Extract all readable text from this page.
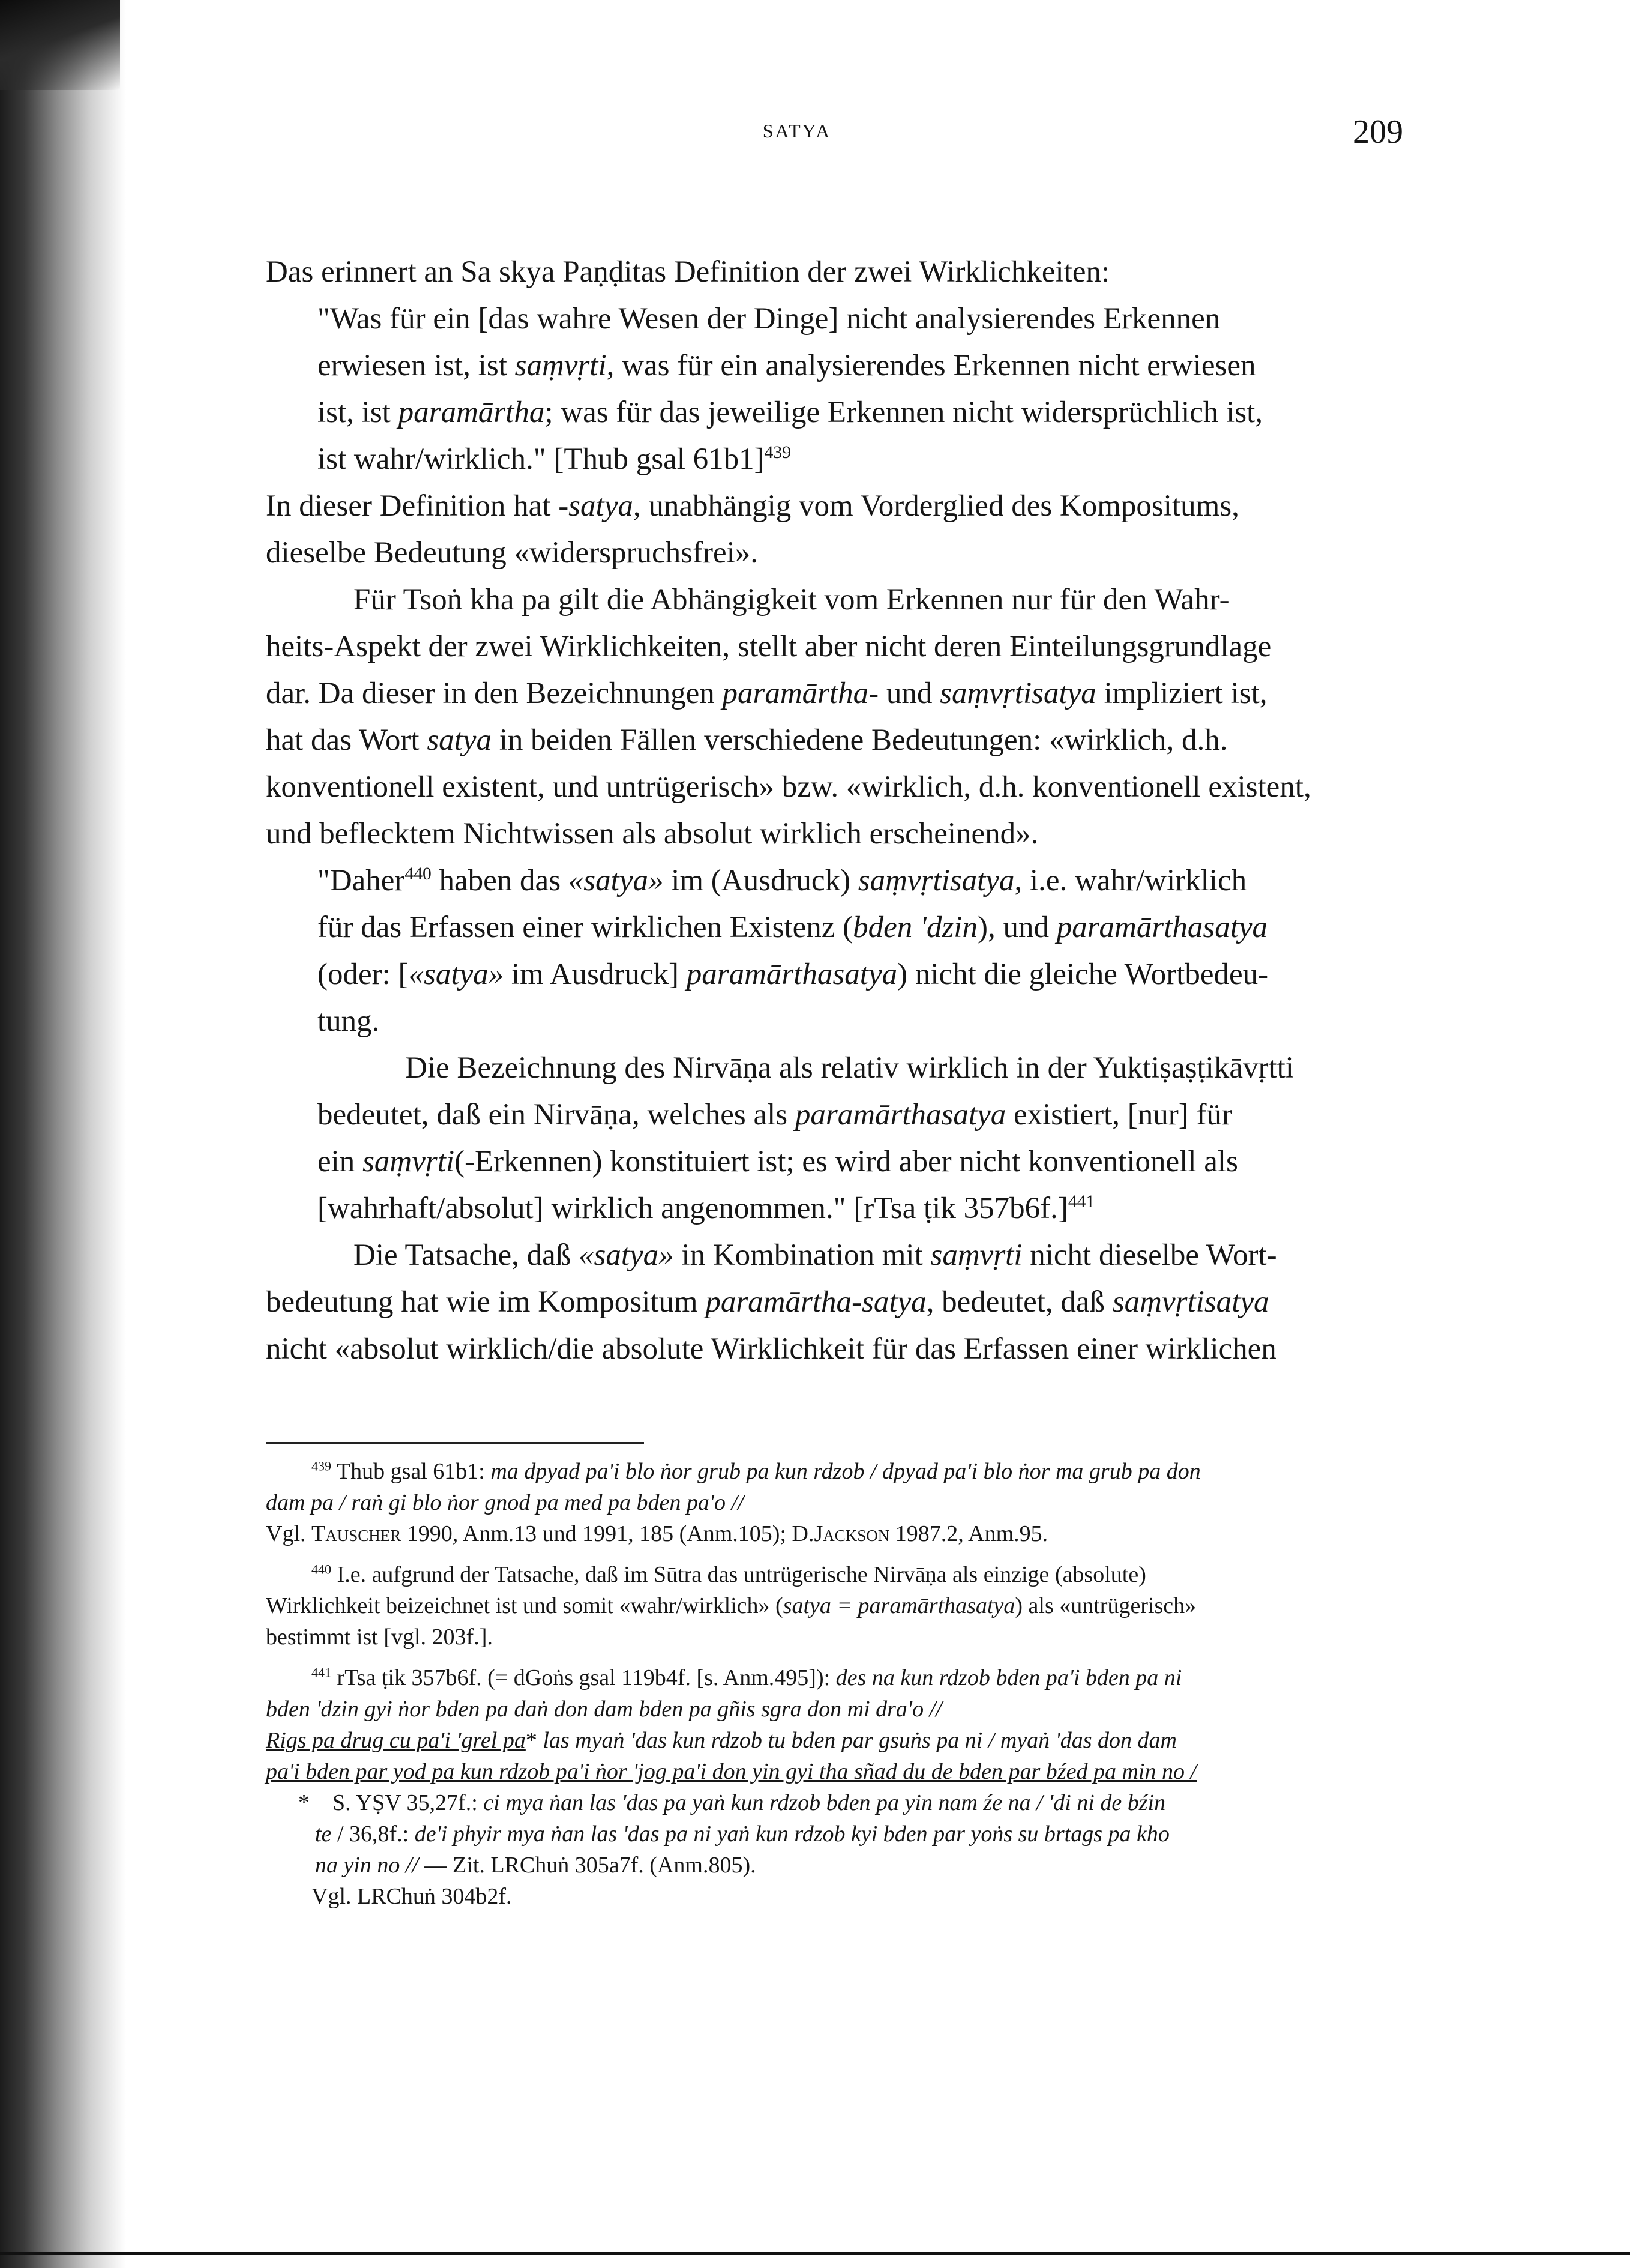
SATYA	209
Das erinnert an Sa skya Paṇḍitas Definition der zwei Wirklichkeiten:
"Was für ein [das wahre Wesen der Dinge] nicht analysierendes Erkennen
erwiesen ist, ist saṃvṛti, was für ein analysierendes Erkennen nicht erwiesen
ist, ist paramārtha; was für das jeweilige Erkennen nicht widersprüchlich ist,
ist wahr/wirklich." [Thub gsal 61b1]$^{439}$
In dieser Definition hat -satya, unabhängig vom Vorderglied des Kompositums,
dieselbe Bedeutung «widerspruchsfrei».
Für Tsoṅ kha pa gilt die Abhängigkeit vom Erkennen nur für den Wahr-
heits-Aspekt der zwei Wirklichkeiten, stellt aber nicht deren Einteilungsgrundlage
dar. Da dieser in den Bezeichnungen paramārtha- und saṃvṛtisatya impliziert ist,
hat das Wort satya in beiden Fällen verschiedene Bedeutungen: «wirklich, d.h.
konventionell existent, und untrügerisch» bzw. «wirklich, d.h. konventionell existent,
und beflecktem Nichtwissen als absolut wirklich erscheinend».
"Daher$^{440}$ haben das «satya» im (Ausdruck) saṃvṛtisatya, i.e. wahr/wirklich
für das Erfassen einer wirklichen Existenz (bden 'dzin), und paramārthasatya
(oder: [«satya» im Ausdruck] paramārthasatya) nicht die gleiche Wortbedeu-
tung.
Die Bezeichnung des Nirvāṇa als relativ wirklich in der Yuktiṣaṣṭikāvṛtti
bedeutet, daß ein Nirvāṇa, welches als paramārthasatya existiert, [nur] für
ein saṃvṛti(-Erkennen) konstituiert ist; es wird aber nicht konventionell als
[wahrhaft/absolut] wirklich angenommen." [rTsa ṭik 357b6f.]$^{441}$
Die Tatsache, daß «satya» in Kombination mit saṃvṛti nicht dieselbe Wort-
bedeutung hat wie im Kompositum paramārtha-satya, bedeutet, daß saṃvṛtisatya
nicht «absolut wirklich/die absolute Wirklichkeit für das Erfassen einer wirklichen
$^{439}$ Thub gsal 61b1: ma dpyad pa'i blo ṅor grub pa kun rdzob / dpyad pa'i blo ṅor ma grub pa don
dam pa / raṅ gi blo ṅor gnod pa med pa bden pa'o //
Vgl. Tauscher 1990, Anm.13 und 1991, 185 (Anm.105); D.Jackson 1987.2, Anm.95.
$^{440}$ I.e. aufgrund der Tatsache, daß im Sūtra das untrügerische Nirvāṇa als einzige (absolute)
Wirklichkeit beizeichnet ist und somit «wahr/wirklich» (satya = paramārthasatya) als «untrügerisch»
bestimmt ist [vgl. 203f.].
$^{441}$ rTsa ṭik 357b6f. (= dGoṅs gsal 119b4f. [s. Anm.495]): des na kun rdzob bden pa'i bden pa ni
bden 'dzin gyi ṅor bden pa daṅ don dam bden pa gñis sgra don mi dra'o //
Rigs pa drug cu pa'i 'grel pa* las myaṅ 'das kun rdzob tu bden par gsuṅs pa ni / myaṅ 'das don dam
pa'i bden par yod pa kun rdzob pa'i ṅor 'jog pa'i don yin gyi tha sñad du de bden par bźed pa min no /
* S. YṢV 35,27f.: ci mya ṅan las 'das pa yaṅ kun rdzob bden pa yin nam źe na / 'di ni de bźin
te / 36,8f.: de'i phyir mya ṅan las 'das pa ni yaṅ kun rdzob kyi bden par yoṅs su brtags pa kho
na yin no // — Zit. LRChuṅ 305a7f. (Anm.805).
Vgl. LRChuṅ 304b2f.
